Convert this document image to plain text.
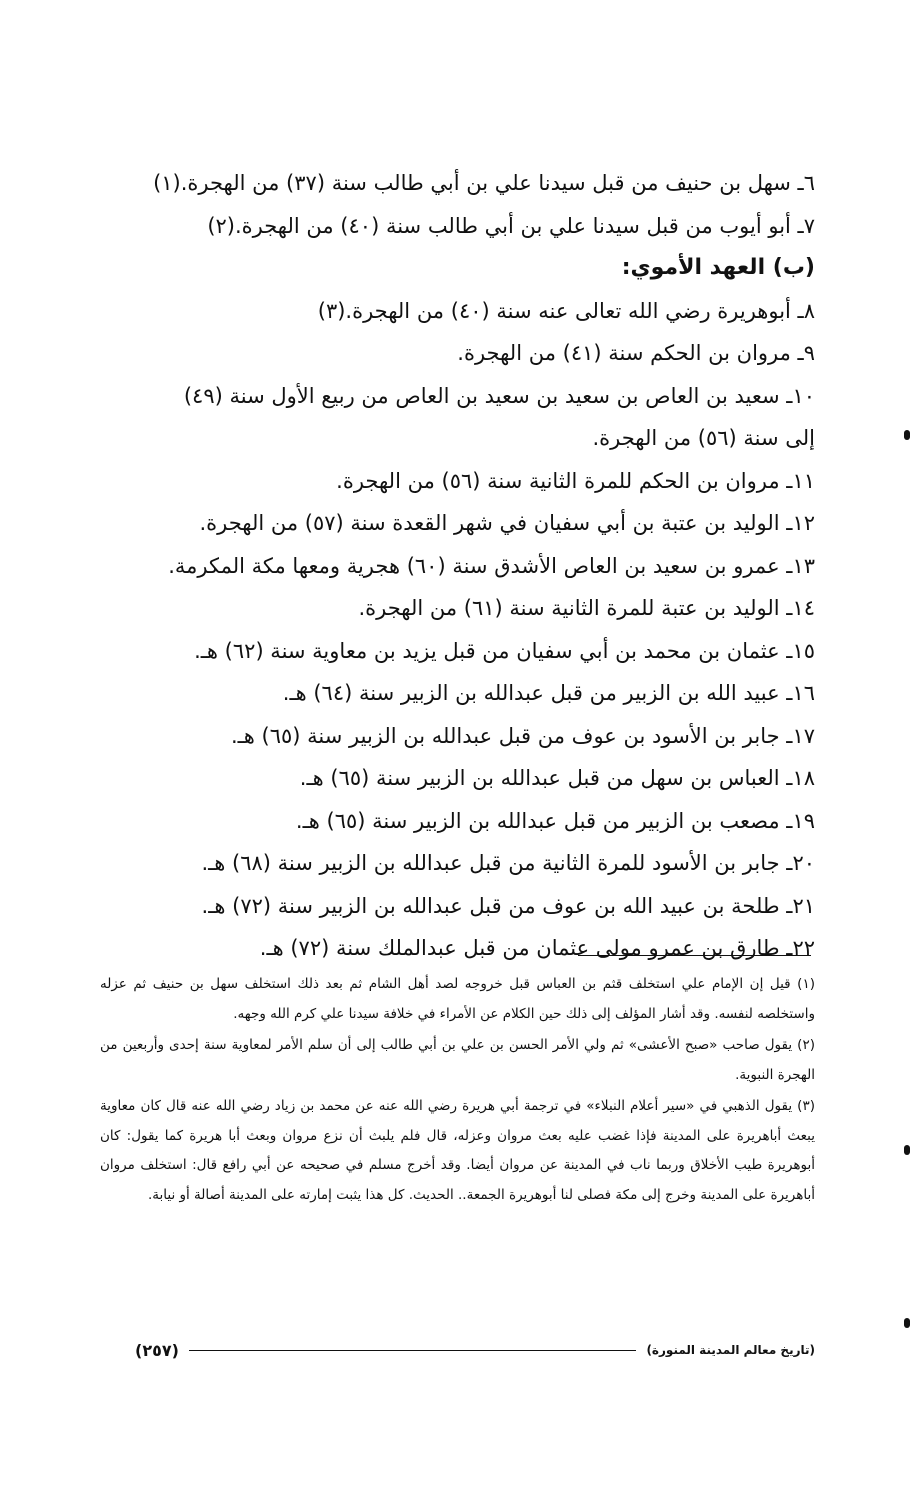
٦ـ سهل بن حنيف من قبل سيدنا علي بن أبي طالب سنة (٣٧) من الهجرة.(١)
٧ـ أبو أيوب من قبل سيدنا علي بن أبي طالب سنة (٤٠) من الهجرة.(٢)
(ب) العهد الأموي:
٨ـ أبوهريرة رضي الله تعالى عنه سنة (٤٠) من الهجرة.(٣)
٩ـ مروان بن الحكم سنة (٤١) من الهجرة.
١٠ـ سعيد بن العاص بن سعيد بن سعيد بن العاص من ربيع الأول سنة (٤٩)
إلى سنة (٥٦) من الهجرة.
١١ـ مروان بن الحكم للمرة الثانية سنة (٥٦) من الهجرة.
١٢ـ الوليد بن عتبة بن أبي سفيان في شهر القعدة سنة (٥٧) من الهجرة.
١٣ـ عمرو بن سعيد بن العاص الأشدق سنة (٦٠) هجرية ومعها مكة المكرمة.
١٤ـ الوليد بن عتبة للمرة الثانية سنة (٦١) من الهجرة.
١٥ـ عثمان بن محمد بن أبي سفيان من قبل يزيد بن معاوية سنة (٦٢) هـ.
١٦ـ عبيد الله بن الزبير من قبل عبدالله بن الزبير سنة (٦٤) هـ.
١٧ـ جابر بن الأسود بن عوف من قبل عبدالله بن الزبير سنة (٦٥) هـ.
١٨ـ العباس بن سهل من قبل عبدالله بن الزبير سنة (٦٥) هـ.
١٩ـ مصعب بن الزبير من قبل عبدالله بن الزبير سنة (٦٥) هـ.
٢٠ـ جابر بن الأسود للمرة الثانية من قبل عبدالله بن الزبير سنة (٦٨) هـ.
٢١ـ طلحة بن عبيد الله بن عوف من قبل عبدالله بن الزبير سنة (٧٢) هـ.
٢٢ـ طارق بن عمرو مولى عثمان من قبل عبدالملك سنة (٧٢) هـ.
(١) قيل إن الإمام علي استخلف قثم بن العباس قبل خروجه لصد أهل الشام ثم بعد ذلك استخلف سهل بن حنيف ثم عزله واستخلصه لنفسه. وقد أشار المؤلف إلى ذلك حين الكلام عن الأمراء في خلافة سيدنا علي كرم الله وجهه.
(٢) يقول صاحب «صبح الأعشى» ثم ولي الأمر الحسن بن علي بن أبي طالب إلى أن سلم الأمر لمعاوية سنة إحدى وأربعين من الهجرة النبوية.
(٣) يقول الذهبي في «سير أعلام النبلاء» في ترجمة أبي هريرة رضي الله عنه عن محمد بن زياد رضي الله عنه قال كان معاوية يبعث أباهريرة على المدينة فإذا غضب عليه بعث مروان وعزله، قال فلم يلبث أن نزع مروان وبعث أبا هريرة كما يقول: كان أبوهريرة طيب الأخلاق وربما ناب في المدينة عن مروان أيضا. وقد أخرج مسلم في صحيحه عن أبي رافع قال: استخلف مروان أباهريرة على المدينة وخرج إلى مكة فصلى لنا أبوهريرة الجمعة.. الحديث. كل هذا يثبت إمارته على المدينة أصالة أو نيابة.
(تاريخ معالم المدينة المنورة)
(٢٥٧)
